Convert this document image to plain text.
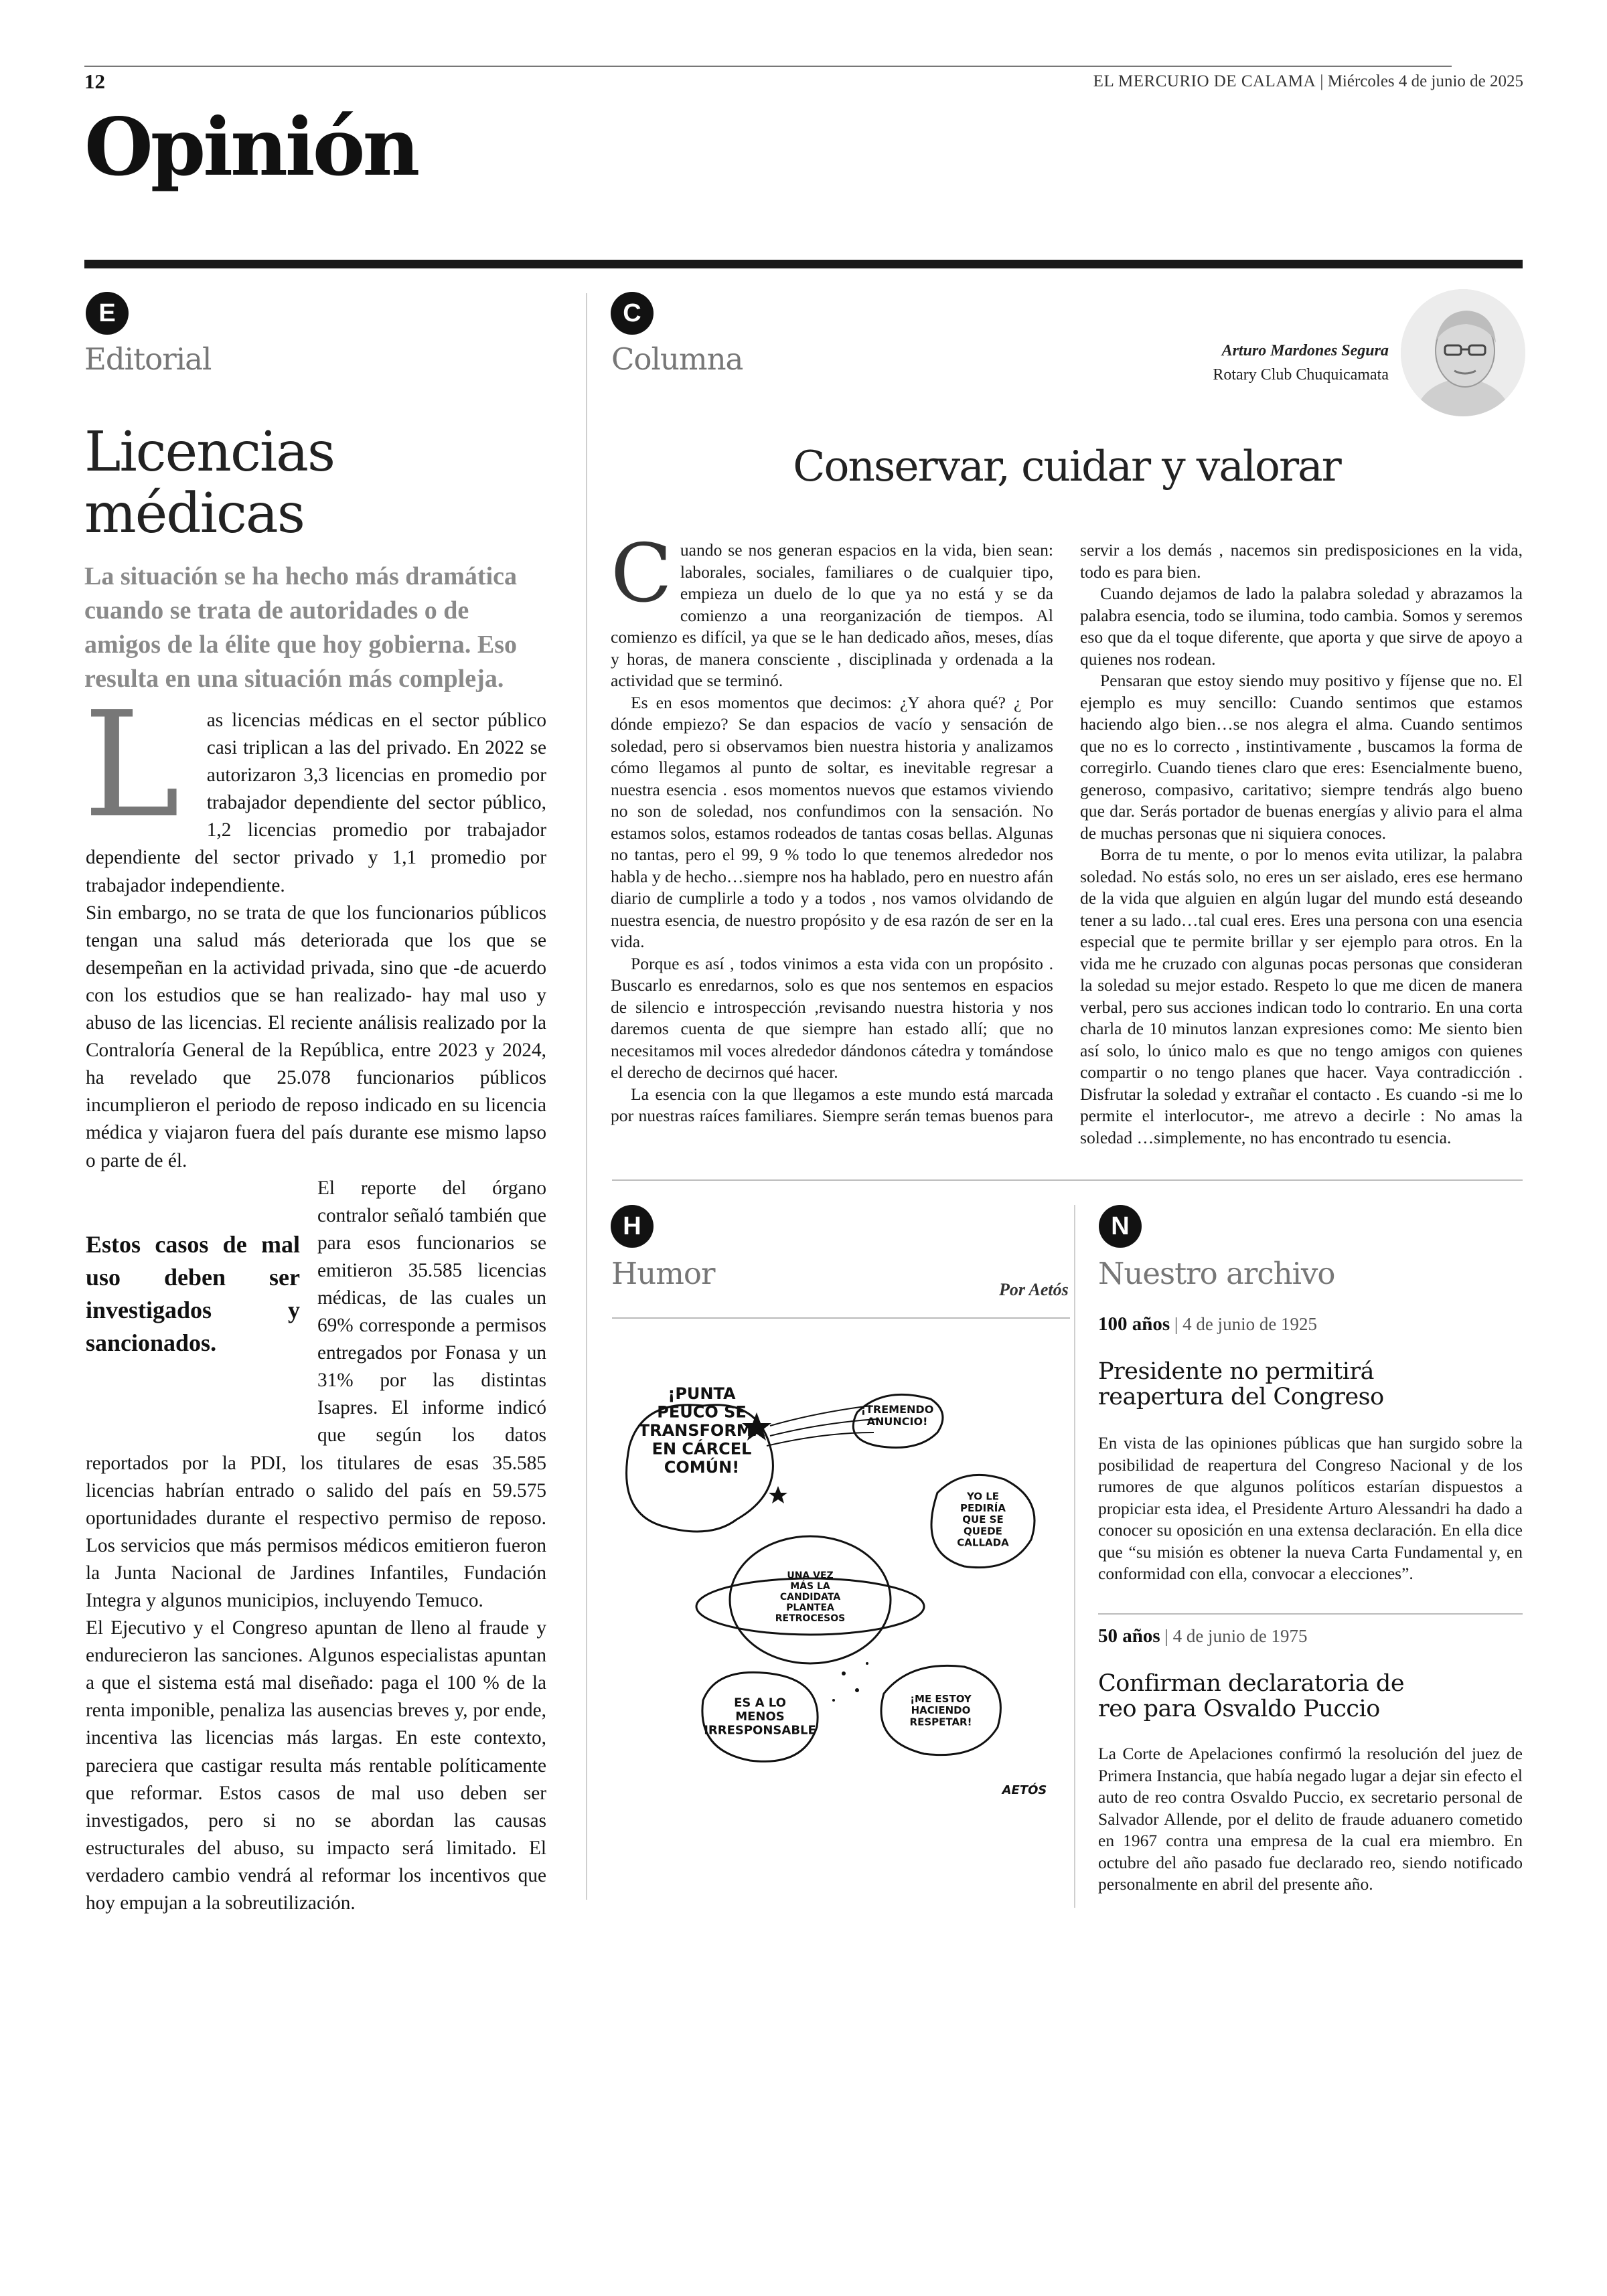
12	EL MERCURIO DE CALAMA | Miércoles 4 de junio de 2025
Opinión
E
Editorial
Licencias médicas
La situación se ha hecho más dramática cuando se trata de autoridades o de amigos de la élite que hoy gobierna. Eso resulta en una situación más compleja.

L as licencias médicas en el sector público casi triplican a las del privado. En 2022 se autorizaron 3,3 licencias en promedio por trabajador dependiente del sector público, 1,2 licencias promedio por trabajador dependiente del sector privado y 1,1 promedio por trabajador independiente.

Sin embargo, no se trata de que los funcionarios públicos tengan una salud más deteriorada que los que se desempeñan en la actividad privada, sino que -de acuerdo con los estudios que se han realizado- hay mal uso y abuso de las licencias. El reciente análisis realizado por la Contraloría General de la República, entre 2023 y 2024, ha revelado que 25.078 funcionarios públicos incumplieron el periodo de reposo indicado en su licencia médica y viajaron fuera del país durante ese mismo lapso o parte de él.

Estos casos de mal uso deben ser investigados y sancionados.
El reporte del órgano contralor señaló también que para esos funcionarios se emitieron 35.585 licencias médicas, de las cuales un 69% corresponde a permisos entregados por Fonasa y un 31% por las distintas Isapres. El informe indicó que según los datos reportados por la PDI, los titulares de esas 35.585 licencias habrían entrado o salido del país en 59.575 oportunidades durante el respectivo permiso de reposo. Los servicios que más permisos médicos emitieron fueron la Junta Nacional de Jardines Infantiles, Fundación Integra y algunos municipios, incluyendo Temuco.

El Ejecutivo y el Congreso apuntan de lleno al fraude y endurecieron las sanciones. Algunos especialistas apuntan a que el sistema está mal diseñado: paga el 100 % de la renta imponible, penaliza las ausencias breves y, por ende, incentiva las licencias más largas. En este contexto, pareciera que castigar resulta más rentable políticamente que reformar. Estos casos de mal uso deben ser investigados, pero si no se abordan las causas estructurales del abuso, su impacto será limitado. El verdadero cambio vendrá al reformar los incentivos que hoy empujan a la sobreutilización.

C
Columna	Arturo Mardones Segura
Rotary Club Chuquicamata
Conservar, cuidar y valorar

Cuando se nos generan espacios en la vida, bien sean: laborales, sociales, familiares o de cualquier tipo, empieza un duelo de lo que ya no está y se da comienzo a una reorganización de tiempos. Al comienzo es difícil, ya que se le han dedicado años, meses, días y horas, de manera consciente , disciplinada y ordenada a la actividad que se terminó.

Es en esos momentos que decimos: ¿Y ahora qué? ¿ Por dónde empiezo? Se dan espacios de vacío y sensación de soledad, pero si observamos bien nuestra historia y analizamos cómo llegamos al punto de soltar, es inevitable regresar a nuestra esencia . esos momentos nuevos que estamos viviendo no son de soledad, nos confundimos con la sensación. No estamos solos, estamos rodeados de tantas cosas bellas. Algunas no tantas, pero el 99, 9 % todo lo que tenemos alrededor nos habla y de hecho…siempre nos ha hablado, pero en nuestro afán diario de cumplirle a todo y a todos , nos vamos olvidando de nuestra esencia, de nuestro propósito y de esa razón de ser en la vida.

Porque es así , todos vinimos a esta vida con un propósito . Buscarlo es enredarnos, solo es que nos sentemos en espacios de silencio e introspección ,revisando nuestra historia y nos daremos cuenta de que siempre han estado allí; que no necesitamos mil voces alrededor dándonos cátedra y tomándose el derecho de decirnos qué hacer.

La esencia con la que llegamos a este mundo está marcada por nuestras raíces familiares. Siempre serán temas buenos para servir a los demás , nacemos sin predisposiciones en la vida, todo es para bien.

Cuando dejamos de lado la palabra soledad y abrazamos la palabra esencia, todo se ilumina, todo cambia. Somos y seremos eso que da el toque diferente, que aporta y que sirve de apoyo a quienes nos rodean.

Pensaran que estoy siendo muy positivo y fíjense que no. El ejemplo es muy sencillo: Cuando sentimos que estamos haciendo algo bien…se nos alegra el alma. Cuando sentimos que no es lo correcto , instintivamente , buscamos la forma de corregirlo. Cuando tienes claro que eres: Esencialmente bueno, generoso, compasivo, caritativo; siempre tendrás algo bueno que dar. Serás portador de buenas energías y alivio para el alma de muchas personas que ni siquiera conoces.

Borra de tu mente, o por lo menos evita utilizar, la palabra soledad. No estás solo, no eres un ser aislado, eres ese hermano de la vida que alguien en algún lugar del mundo está deseando tener a su lado…tal cual eres. Eres una persona con una esencia especial que te permite brillar y ser ejemplo para otros. En la vida me he cruzado con algunas pocas personas que consideran la soledad su mejor estado. Respeto lo que me dicen de manera verbal, pero sus acciones indican todo lo contrario. En una corta charla de 10 minutos lanzan expresiones como: Me siento bien así solo, lo único malo es que no tengo amigos con quienes compartir o no tengo planes que hacer. Vaya contradicción . Disfrutar la soledad y extrañar el contacto . Es cuando -si me lo permite el interlocutor-, me atrevo a decirle : No amas la soledad …simplemente, no has encontrado tu esencia.

H
Humor	Por Aetós
¡PUNTA PEUCO SE TRANSFORMA EN CÁRCEL COMÚN!
¡TREMENDO ANUNCIO!
YO LE PEDIRÍA QUE SE QUEDE CALLADA
UNA VEZ MÁS LA CANDIDATA PLANTEA RETROCESOS
ES A LO MENOS IRRESPONSABLE
¡ME ESTOY HACIENDO RESPETAR!
AETÓS
N
Nuestro archivo
100 años | 4 de junio de 1925
Presidente no permitirá reapertura del Congreso
En vista de las opiniones públicas que han surgido sobre la posibilidad de reapertura del Congreso Nacional y de los rumores de que algunos políticos estarían dispuestos a propiciar esta idea, el Presidente Arturo Alessandri ha dado a conocer su oposición en una extensa declaración. En ella dice que “su misión es obtener la nueva Carta Fundamental y, en conformidad con ella, convocar a elecciones”.
50 años | 4 de junio de 1975
Confirman declaratoria de reo para Osvaldo Puccio
La Corte de Apelaciones confirmó la resolución del juez de Primera Instancia, que había negado lugar a dejar sin efecto el auto de reo contra Osvaldo Puccio, ex secretario personal de Salvador Allende, por el delito de fraude aduanero cometido en 1967 contra una empresa de la cual era miembro. En octubre del año pasado fue declarado reo, siendo notificado personalmente en abril del presente año.
